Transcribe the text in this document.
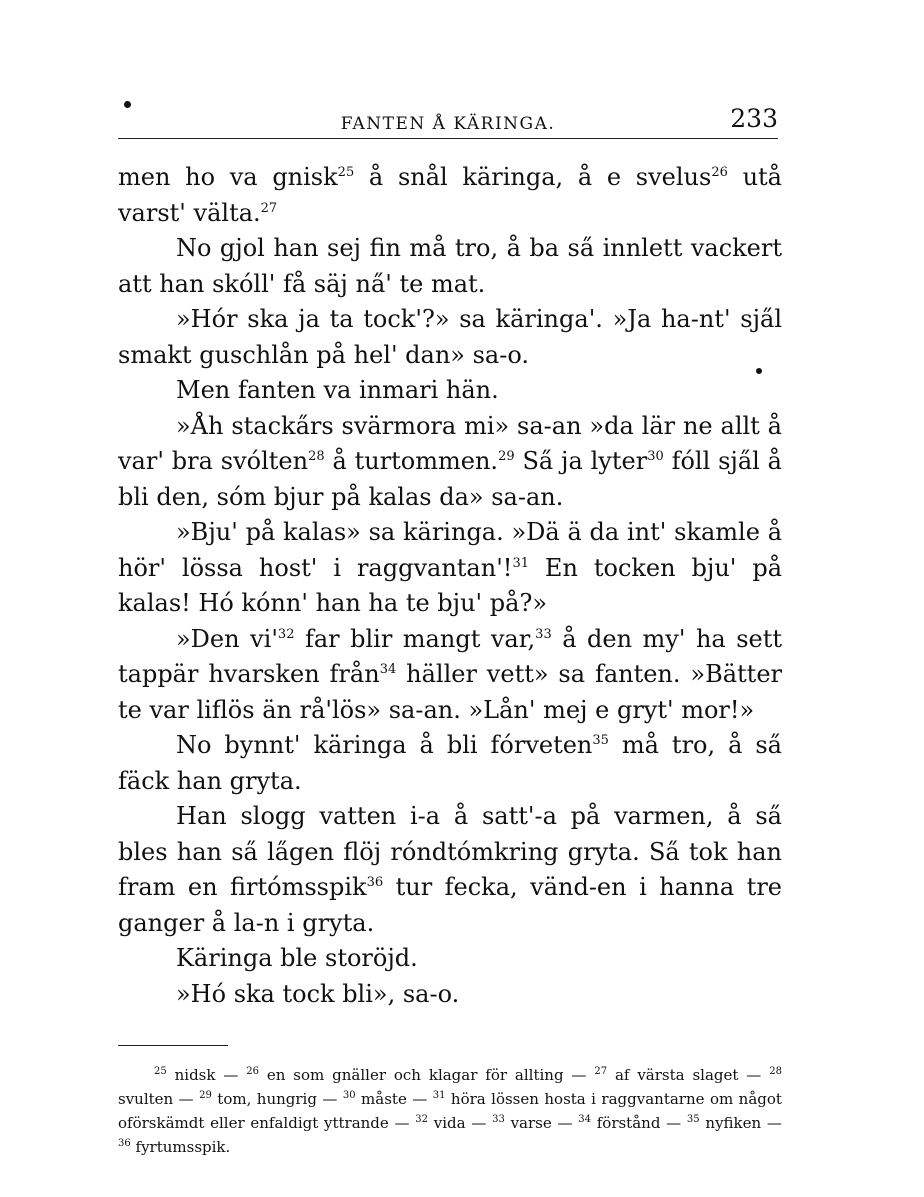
FANTEN Å KÄRINGA.	233

men ho va gnisk$^{25}$ å snål käringa, å e svelus$^{26}$ utå varst' välta.$^{27}$

No gjol han sej fin må tro, å ba sa̋ innlett vackert att han skóll' få säj na̋' te mat.

»Hór ska ja ta tock'?» sa käringa'. »Ja ha-nt' sja̋l smakt guschlån på hel' dan» sa-o.

Men fanten va inmari hän.

»Åh stacka̋rs svärmora mi» sa-an »da lär ne allt å var' bra svólten$^{28}$ å turtommen.$^{29}$ Sa̋ ja lyter$^{30}$ fóll sja̋l å bli den, sóm bjur på kalas da» sa-an.

»Bju' på kalas» sa käringa. »Dä ä da int' skamle å hör' lössa host' i raggvantan'!$^{31}$ En tocken bju' på kalas! Hó kónn' han ha te bju' på?»

»Den $vi'^{32}$ far blir mangt var,$^{33}$ å den my' ha sett tappär hvarsken från$^{34}$ häller vett» sa fanten. »Bätter te var liflös än rå'lös» sa-an. »Lån' mej e gryt' mor!»

No bynnt' käringa å bli fórveten$^{35}$ må tro, å sa̋ fäck han gryta.

Han slogg vatten i-a å satt'-a på varmen, å sa̋ bles han sa̋ la̋gen flöj róndtómkring gryta. Sa̋ tok han fram en firtómsspik$^{36}$ tur fecka, vänd-en i hanna tre ganger å la-n i gryta.

Käringa ble storöjd.

»Hó ska tock bli», sa-o.

$^{25}$ nidsk — $^{26}$ en som gnäller och klagar för allting — $^{27}$ af värsta slaget — $^{28}$ svulten — $^{29}$ tom, hungrig — $^{30}$ måste — $^{31}$ höra lössen hosta i raggvantarne om något oförskämdt eller enfaldigt yttrande — $^{32}$ vida — $^{33}$ varse — $^{34}$ förstånd — $^{35}$ nyfiken — $^{36}$ fyrtumsspik.
